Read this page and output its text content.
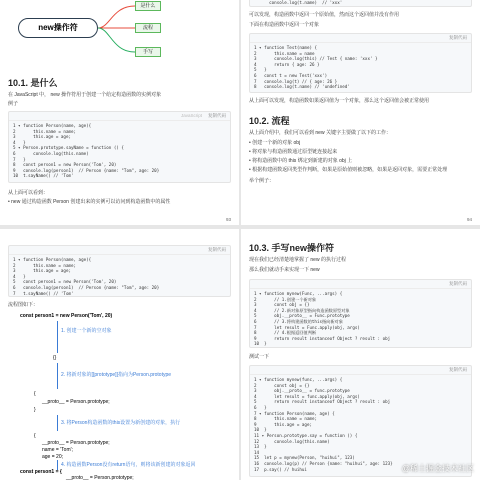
new操作符
是什么
流程
手写
10.1. 是什么
在 JavaScript 中， new 操作符用于创建一个给定构造函数的实例对象
例子
JavaScript 复制代码
1 ▾ function Person(name, age){
2       this.name = name;
3       this.age = age;
4   }
5 ▾ Person.prototype.sayName = function () {
6       console.log(this.name)
7   }
8   const person1 = new Person('Tom', 20)
9   console.log(person1)  // Person {name: "Tom", age: 20}
10  t.sayName() // 'Tom'
从上面可以看到：
• new 通过构造函数 Person 创建出来的实例可以访问到构造函数中的属性
93
console.log(t.name)  // 'xxx'
可以发现，构造函数中返回一个原始值，然而这个返回值并没有作用
下面在构造函数中返回一个对象
复制代码
1 ▾ function Test(name) {
2       this.name = name
3       console.log(this) // Test { name: 'xxx' }
4       return { age: 26 }
5   }
6   const t = new Test('xxx')
7   console.log(t) // { age: 26 }
8   console.log(t.name) // 'undefined'
从上面可以发现，构造函数如果返回值为一个对象，那么这个返回值会被正常使用
10.2. 流程
从上面介绍中，我们可以看到 new 关键字主要做了以下的工作：
• 创建一个新的对象 obj
• 将对象与构造函数通过原型链连接起来
• 将构造函数中的 this 绑定到新建的对象 obj 上
• 根据构建函数返回类型作判断，如果是原始值则被忽略，如果是返回对象，需要正常处理
举个例子：
94
复制代码
1 ▾ function Person(name, age){
2       this.name = name;
3       this.age = age;
4   }
5   const person1 = new Person('Tom', 20)
6   console.log(person1)  // Person {name: "Tom", age: 20}
7   t.sayName() // 'Tom'
流程图如下：
const person1 = new Person('Tom', 20)
1. 创建一个新的空对象
{}
2. 将新对象的[[prototype]]指向为Person.prototype
{
__proto__ = Person.prototype;
}
3. 将Person构造函数的this设置为新创建的对象，执行
{
__proto__ = Person.prototype;
name = 'Tom';
age = 20;
4. 构造函数Person没有return语句，则将该新创建的对象返回
const person1 = {
__proto__ = Person.prototype;
10.3. 手写new操作符
现在我们已经清楚地掌握了 new 的执行过程
那么我们就动手来实现一下 new
复制代码
1 ▾ function mynew(Func, ...args) {
2       // 1.创建一个新对象
3       const obj = {}
4       // 2.新对象原型指向构造函数原型对象
5       obj.__proto__ = Func.prototype
6       // 3.将构建函数的this指向新对象
7       let result = Func.apply(obj, args)
8       // 4.根据返回值判断
9       return result instanceof Object ? result : obj
10  }
测试一下
复制代码
1 ▾ function mynew(func, ...args) {
2       const obj = {}
3       obj.__proto__ = func.prototype
4       let result = func.apply(obj, args)
5       return result instanceof Object ? result : obj
6   }
7 ▾ function Person(name, age) {
8       this.name = name;
9       this.age = age;
10  }
11 ▾ Person.prototype.say = function () {
12      console.log(this.name)
13  }
14
15  let p = mynew(Person, "huihui", 123)
16  console.log(p) // Person {name: "huihui", age: 123}
17  p.say() // huihui	@稀土掘金技术社区
